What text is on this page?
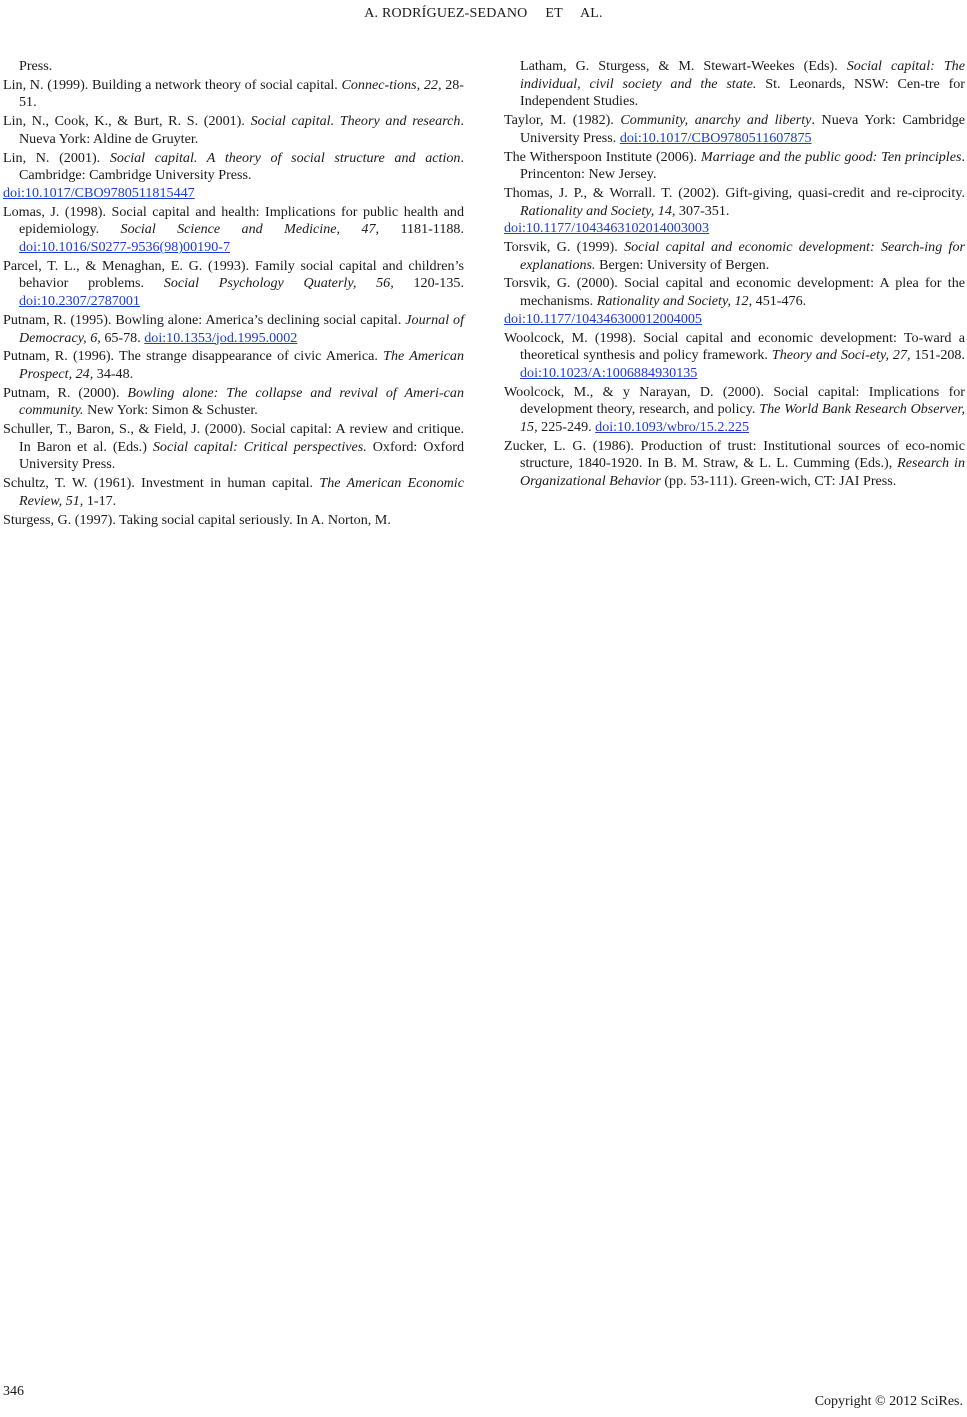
A. RODRÍGUEZ-SEDANO  ET  AL.

Press.

Lin, N. (1999). Building a network theory of social capital. Connec-tions, 22, 28-51.

Lin, N., Cook, K., & Burt, R. S. (2001). Social capital. Theory and research. Nueva York: Aldine de Gruyter.

Lin, N. (2001). Social capital. A theory of social structure and action. Cambridge: Cambridge University Press.
doi:10.1017/CBO9780511815447

Lomas, J. (1998). Social capital and health: Implications for public health and epidemiology. Social Science and Medicine, 47, 1181-1188. doi:10.1016/S0277-9536(98)00190-7

Parcel, T. L., & Menaghan, E. G. (1993). Family social capital and children’s behavior problems. Social Psychology Quaterly, 56, 120-135. doi:10.2307/2787001

Putnam, R. (1995). Bowling alone: America’s declining social capital. Journal of Democracy, 6, 65-78. doi:10.1353/jod.1995.0002

Putnam, R. (1996). The strange disappearance of civic America. The American Prospect, 24, 34-48.

Putnam, R. (2000). Bowling alone: The collapse and revival of Ameri-can community. New York: Simon & Schuster.

Schuller, T., Baron, S., & Field, J. (2000). Social capital: A review and critique. In Baron et al. (Eds.) Social capital: Critical perspectives. Oxford: Oxford University Press.

Schultz, T. W. (1961). Investment in human capital. The American Economic Review, 51, 1-17.

Sturgess, G. (1997). Taking social capital seriously. In A. Norton, M.

Latham, G. Sturgess, & M. Stewart-Weekes (Eds). Social capital: The individual, civil society and the state. St. Leonards, NSW: Cen-tre for Independent Studies.

Taylor, M. (1982). Community, anarchy and liberty. Nueva York: Cambridge University Press. doi:10.1017/CBO9780511607875

The Witherspoon Institute (2006). Marriage and the public good: Ten principles. Princenton: New Jersey.

Thomas, J. P., & Worrall. T. (2002). Gift-giving, quasi-credit and re-ciprocity. Rationality and Society, 14, 307-351.
doi:10.1177/104346310201400300​3

Torsvik, G. (1999). Social capital and economic development: Search-ing for explanations. Bergen: University of Bergen.

Torsvik, G. (2000). Social capital and economic development: A plea for the mechanisms. Rationality and Society, 12, 451-476.
doi:10.1177/104346300012004005

Woolcock, M. (1998). Social capital and economic development: To-ward a theoretical synthesis and policy framework. Theory and Soci-ety, 27, 151-208. doi:10.1023/A:1006884930135

Woolcock, M., & y Narayan, D. (2000). Social capital: Implications for development theory, research, and policy. The World Bank Research Observer, 15, 225-249. doi:10.1093/wbro/15.2.225

Zucker, L. G. (1986). Production of trust: Institutional sources of eco-nomic structure, 1840-1920. In B. M. Straw, & L. L. Cumming (Eds.), Research in Organizational Behavior (pp. 53-111). Green-wich, CT: JAI Press.

346
Copyright © 2012 SciRes.
